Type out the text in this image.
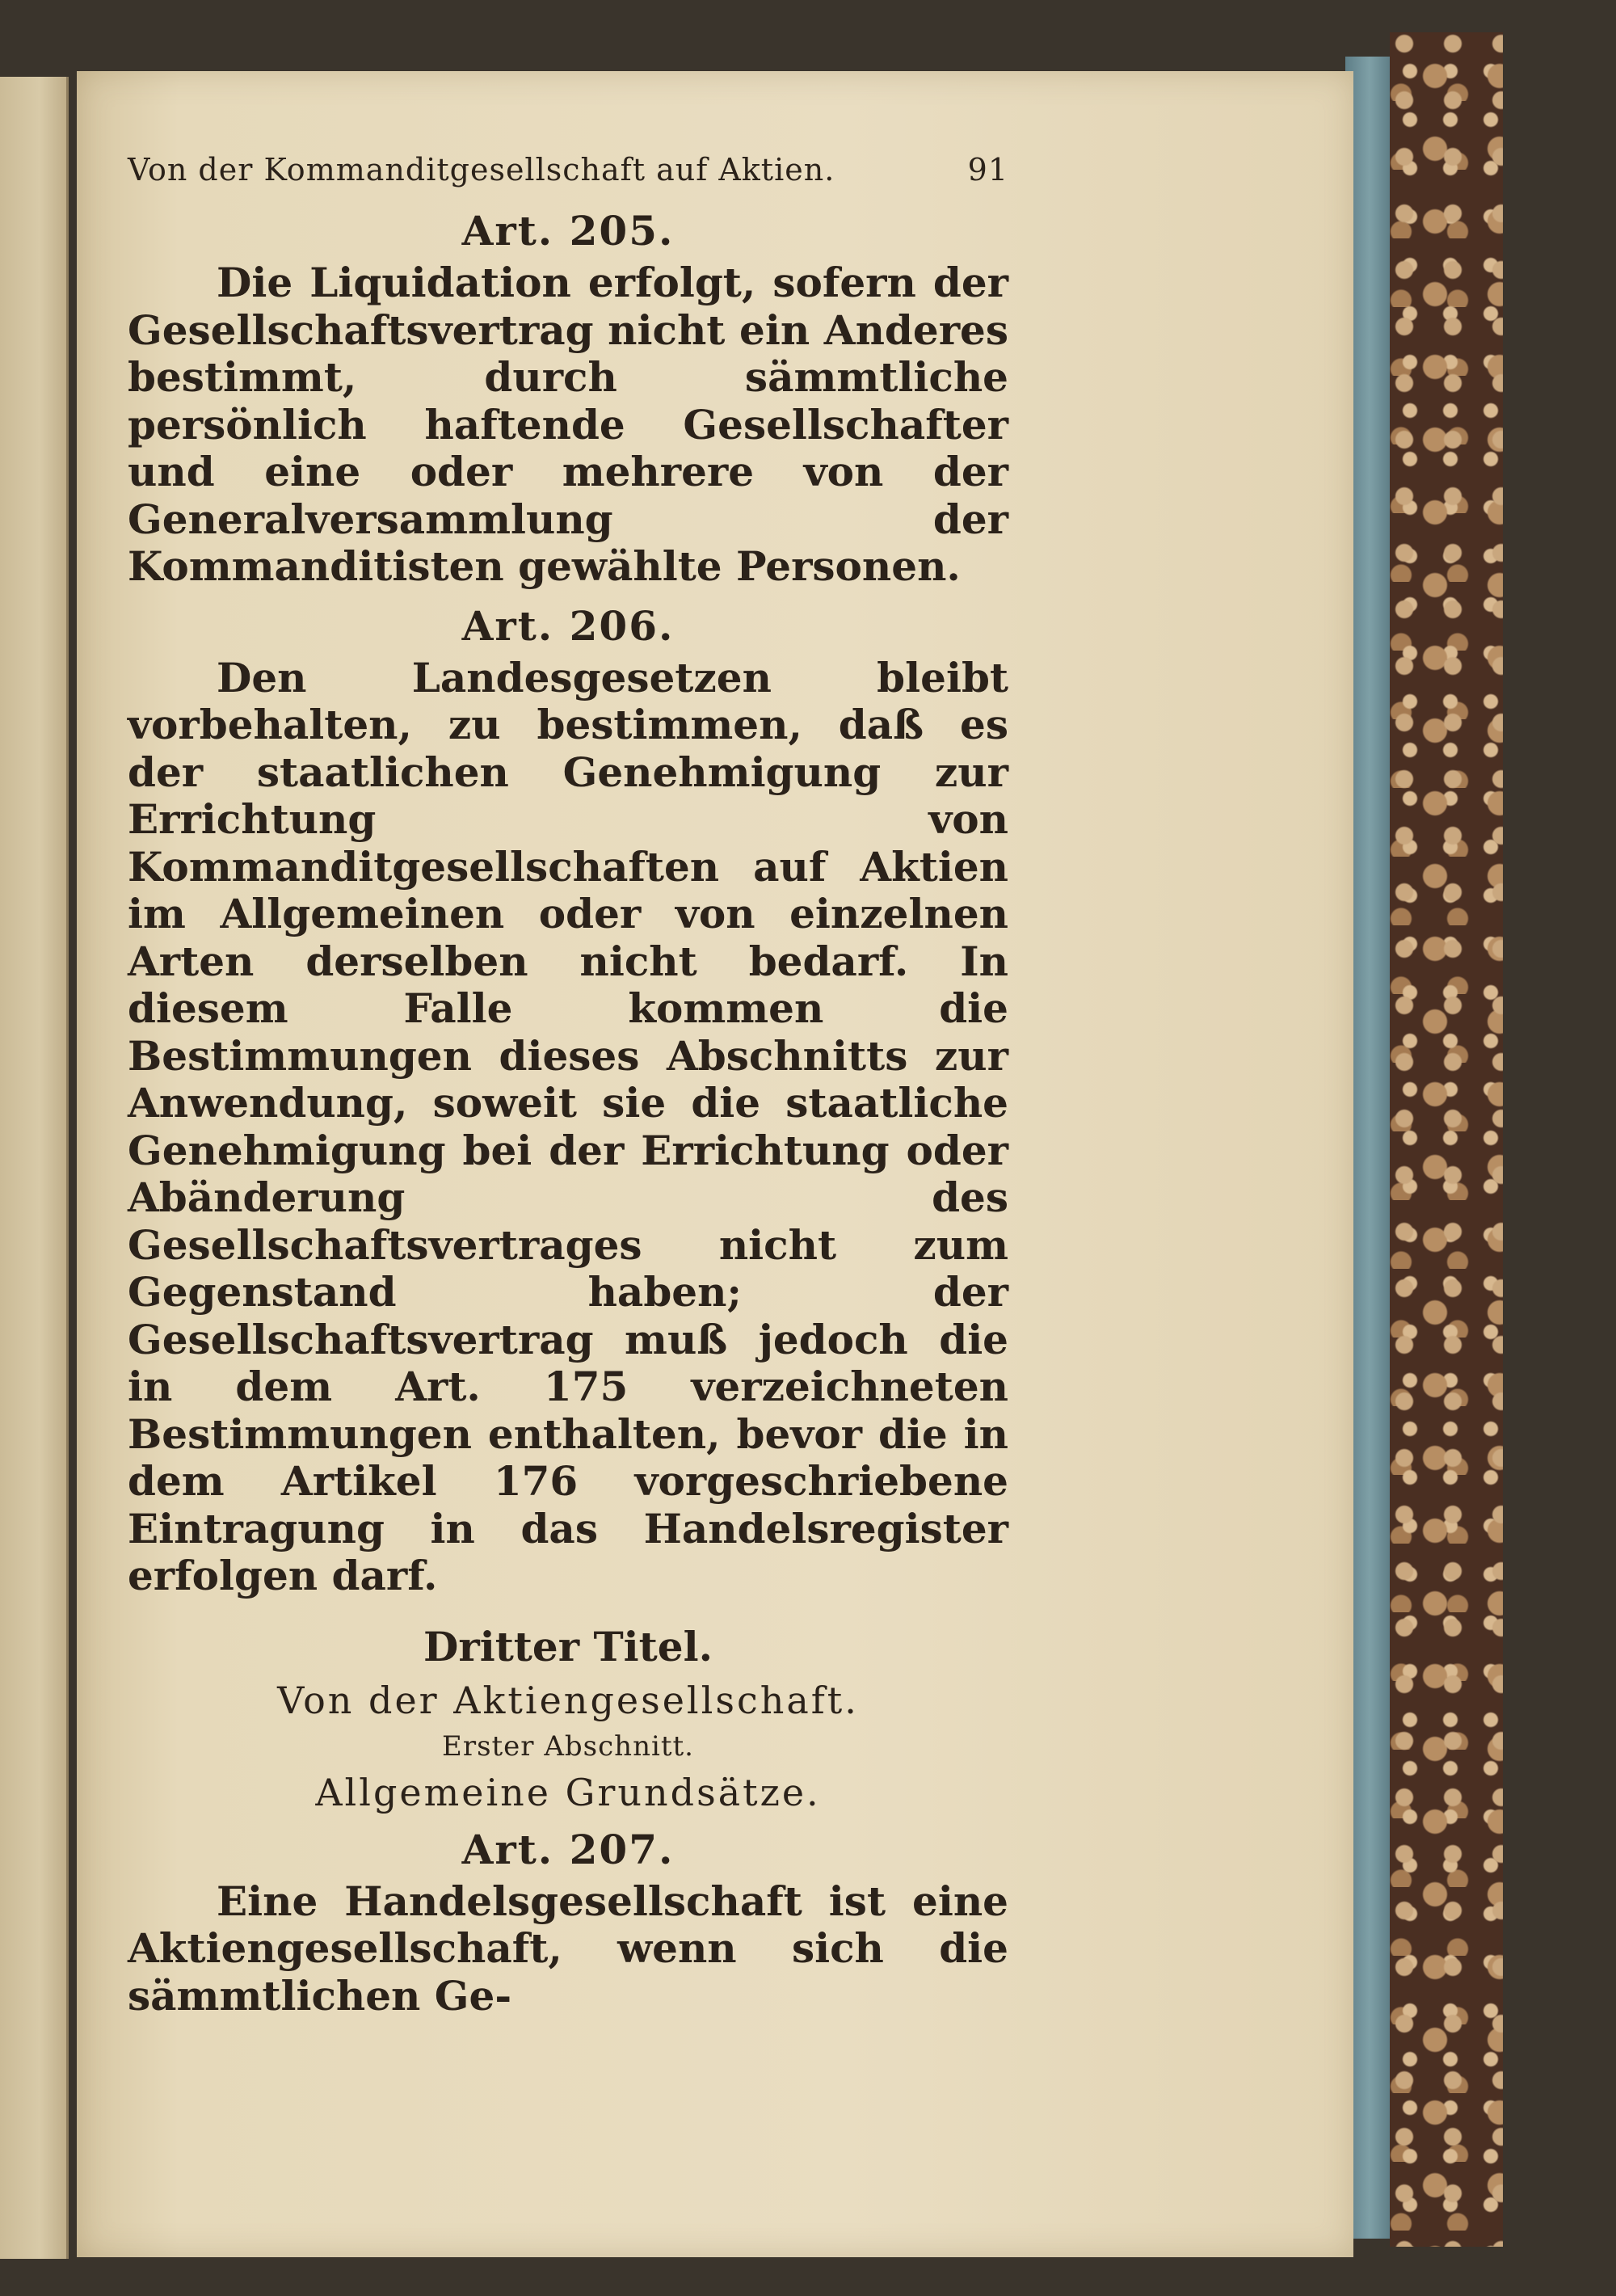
Von der Kommanditgesellschaft auf Aktien.	91
Art. 205.

Die Liquidation erfolgt, sofern der Gesellschaftsvertrag nicht ein Anderes bestimmt, durch sämmtliche persönlich haftende Gesellschafter und eine oder mehrere von der Generalversammlung der Kommanditisten gewählte Personen.

Art. 206.

Den Landesgesetzen bleibt vorbehalten, zu bestimmen, daß es der staatlichen Genehmigung zur Errichtung von Kommanditgesellschaften auf Aktien im Allgemeinen oder von einzelnen Arten derselben nicht bedarf. In diesem Falle kommen die Bestimmungen dieses Abschnitts zur Anwendung, soweit sie die staatliche Genehmigung bei der Errichtung oder Abänderung des Gesellschaftsvertrages nicht zum Gegenstand haben; der Gesellschaftsvertrag muß jedoch die in dem Art. 175 verzeichneten Bestimmungen enthalten, bevor die in dem Artikel 176 vorgeschriebene Eintragung in das Handelsregister erfolgen darf.

Dritter Titel.
Von der Aktiengesellschaft.
Erster Abschnitt.
Allgemeine Grundsätze.
Art. 207.

Eine Handelsgesellschaft ist eine Aktiengesellschaft, wenn sich die sämmtlichen Ge-
